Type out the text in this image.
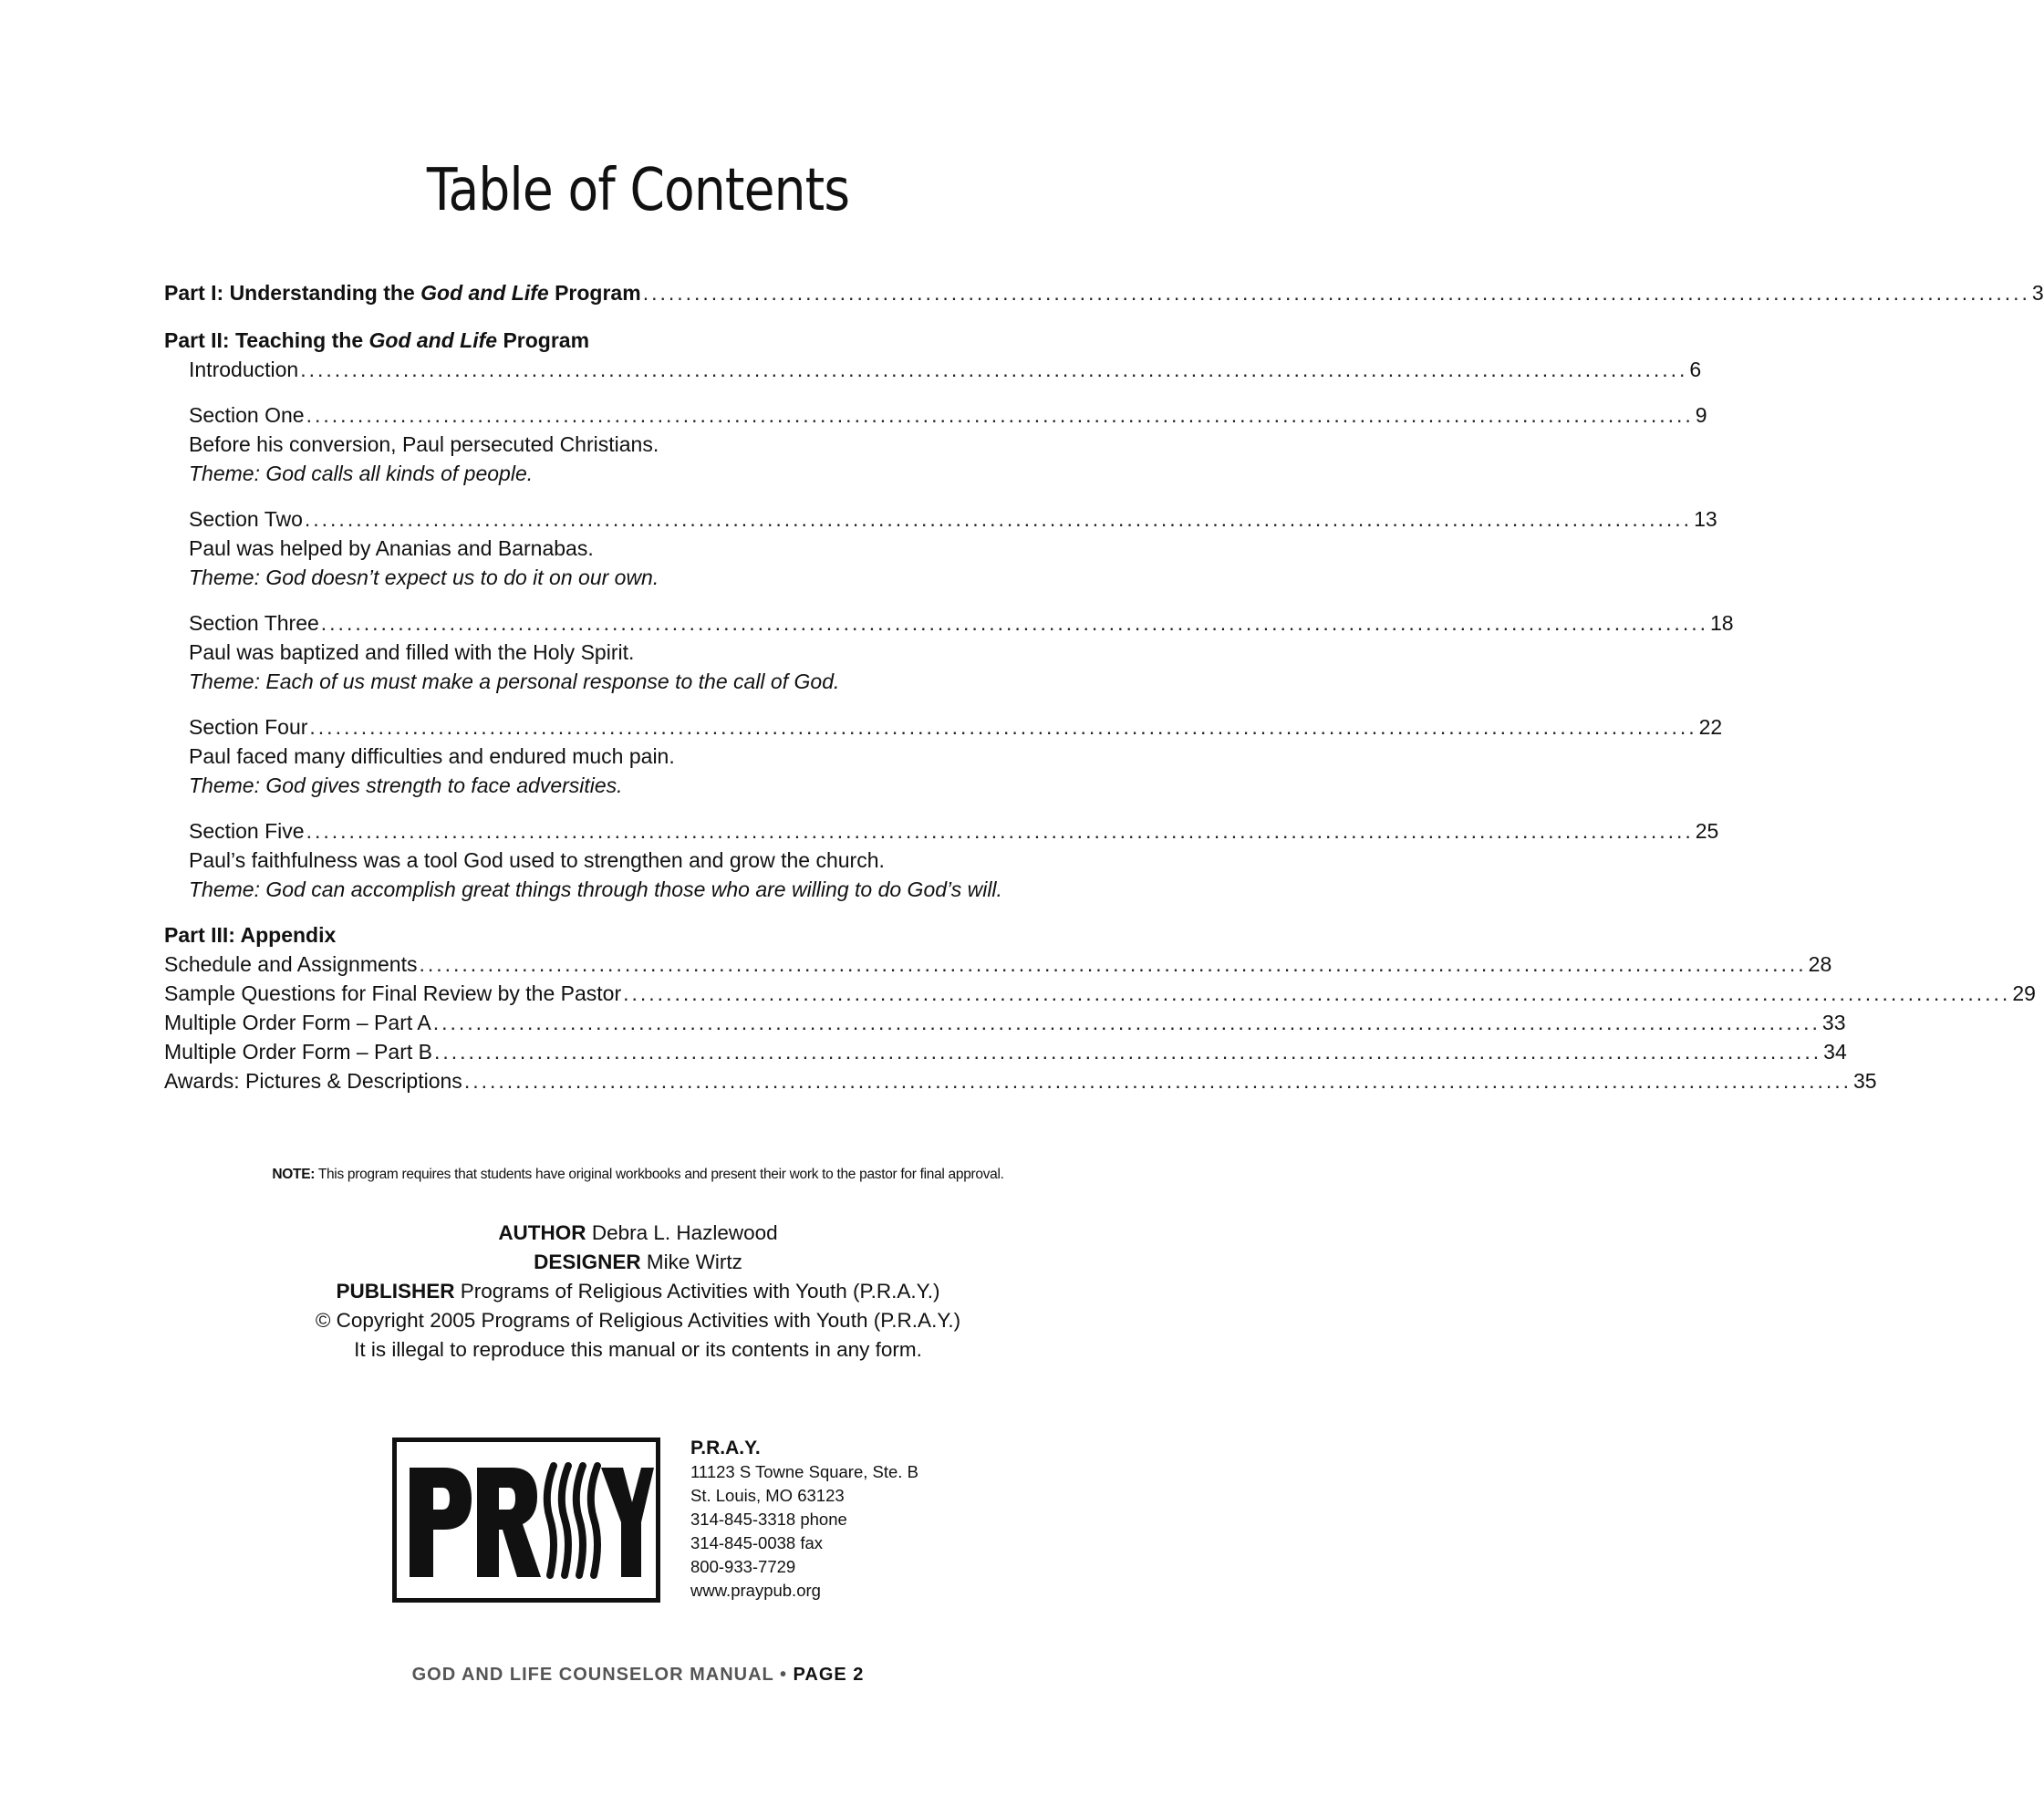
Table of Contents
Part I: Understanding the God and Life Program .................................................................................................................................................................. 3
Part II: Teaching the God and Life Program
Introduction .................................................................................................................................................................. 6
Section One .................................................................................................................................................................. 9
Before his conversion, Paul persecuted Christians.
Theme: God calls all kinds of people.
Section Two .................................................................................................................................................................. 13
Paul was helped by Ananias and Barnabas.
Theme: God doesn’t expect us to do it on our own.
Section Three .................................................................................................................................................................. 18
Paul was baptized and filled with the Holy Spirit.
Theme: Each of us must make a personal response to the call of God.
Section Four .................................................................................................................................................................. 22
Paul faced many difficulties and endured much pain.
Theme: God gives strength to face adversities.
Section Five .................................................................................................................................................................. 25
Paul’s faithfulness was a tool God used to strengthen and grow the church.
Theme: God can accomplish great things through those who are willing to do God’s will.
Part III: Appendix
Schedule and Assignments .................................................................................................................................................................. 28
Sample Questions for Final Review by the Pastor .................................................................................................................................................................. 29
Multiple Order Form – Part A .................................................................................................................................................................. 33
Multiple Order Form – Part B .................................................................................................................................................................. 34
Awards: Pictures & Descriptions .................................................................................................................................................................. 35
NOTE: This program requires that students have original workbooks and present their work to the pastor for final approval.
AUTHOR Debra L. Hazlewood
DESIGNER Mike Wirtz
PUBLISHER Programs of Religious Activities with Youth (P.R.A.Y.)
© Copyright 2005 Programs of Religious Activities with Youth (P.R.A.Y.)
It is illegal to reproduce this manual or its contents in any form.
P.R.A.Y.
11123 S Towne Square, Ste. B
St. Louis, MO 63123
314-845-3318 phone
314-845-0038 fax
800-933-7729
www.praypub.org
GOD AND LIFE COUNSELOR MANUAL • PAGE 2
